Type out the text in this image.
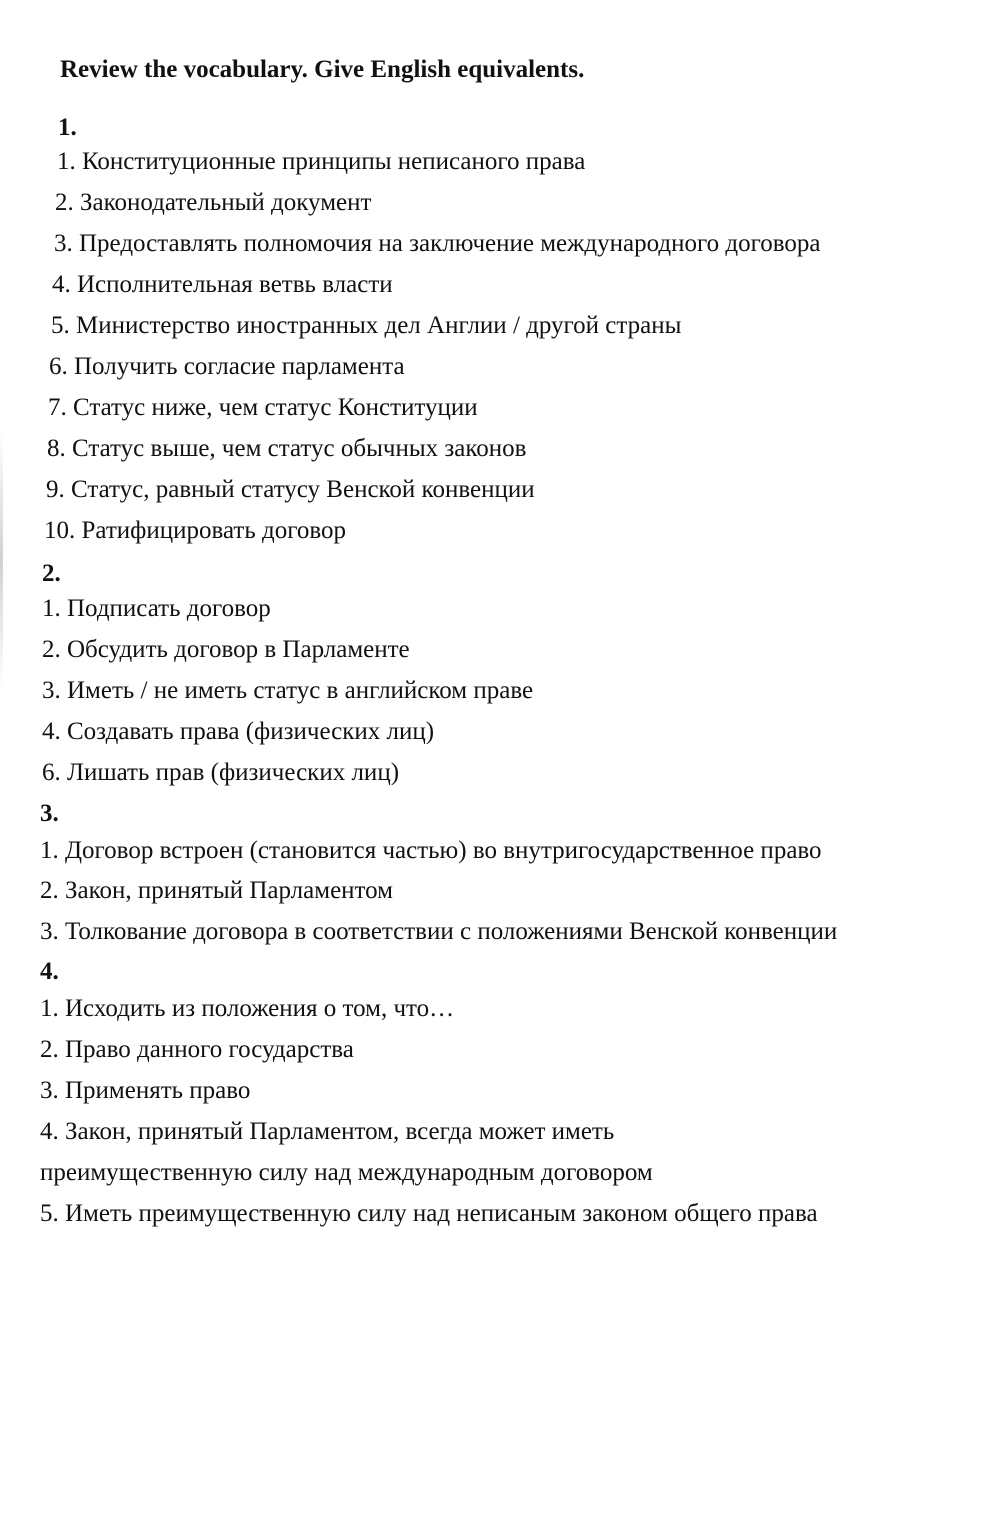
Review the vocabulary. Give English equivalents.
1.
1. Конституционные принципы неписаного права
2. Законодательный документ
3. Предоставлять полномочия на заключение международного договора
4. Исполнительная ветвь власти
5. Министерство иностранных дел Англии / другой страны
6. Получить согласие парламента
7. Статус ниже, чем статус Конституции
8. Статус выше, чем статус обычных законов
9. Статус, равный статусу Венской конвенции
10. Ратифицировать договор
2.
1. Подписать договор
2. Обсудить договор в Парламенте
3. Иметь / не иметь статус в английском праве
4. Создавать права (физических лиц)
6. Лишать прав (физических лиц)
3.
1. Договор встроен (становится частью) во внутригосударственное право
2. Закон, принятый Парламентом
3. Толкование договора в соответствии с положениями Венской конвенции
4.
1. Исходить из положения о том, что…
2. Право данного государства
3. Применять право
4. Закон, принятый Парламентом, всегда может иметь
преимущественную силу над международным договором
5. Иметь преимущественную силу над неписаным законом общего права
